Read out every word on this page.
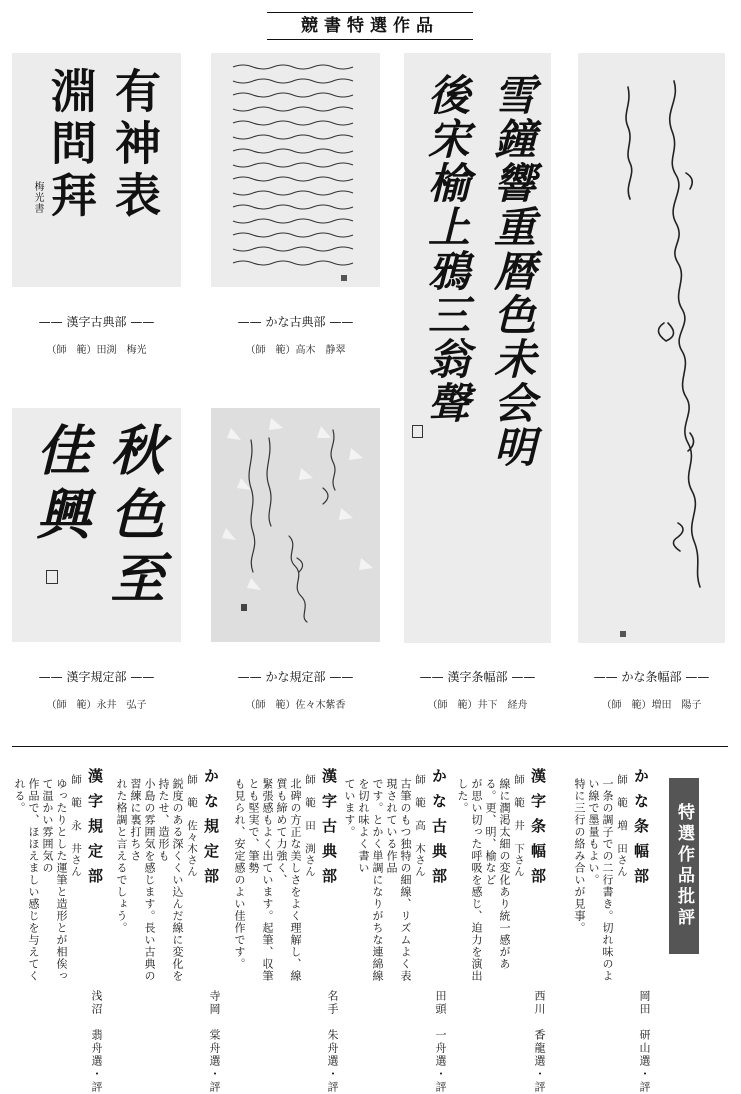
競書特選作品
有神表
淵問拜
梅光書	雪鐘響重暦色未会明
後宋榆上鴉三翁聲
秋色至
佳興
—— 漢字古典部 ——
（師　範）田渕　梅光
—— かな古典部 ——
（師　範）高木　静翠
—— 漢字規定部 ——
（師　範）永井　弘子
—— かな規定部 ——
（師　範）佐々木紫香
—— 漢字条幅部 ——
（師　範）井下　経舟
—— かな条幅部 ——
（師　範）増田　陽子
特選作品批評
かな条幅部
師　範　増　田さん
一条の調子での二行書き。切れ味のよい線で墨量もよい。
特に三行の絡み合いが見事。
岡田　研山選・評
漢字条幅部
師　範　井　下さん
線に潤渇太細の変化あり統一感がある。更、明、榆など
が思い切った呼吸を感じ、迫力を演出した。
西川　香龍選・評
かな古典部
師　範　高　木さん
古筆のもつ独特の細線、リズムよく表現されている作品
です。とかく単調になりがちな連綿線を切れ味よく書い
ています。
田頭　一舟選・評
漢字古典部
師　範　田　渕さん
北碑の方正な美しさをよく理解し、線質も締めて力強く、
緊張感もよく出ています。起筆、収筆とも堅実で、筆勢
も見られ、安定感のよい佳作です。
名手　朱舟選・評
かな規定部
師　範　佐々木さん
鋭度のある深くくい込んだ線に変化を持たせ、造形も
小島の雰囲気を感じます。長い古典の習練に裏打ちさ
れた格調と言えるでしょう。
寺岡　棠舟選・評
漢字規定部
師　範　永　井さん
ゆったりとした運筆と造形とが相俟って温かい雰囲気の
作品で、ほほえましい感じを与えてくれる。
浅沼　翡舟選・評
